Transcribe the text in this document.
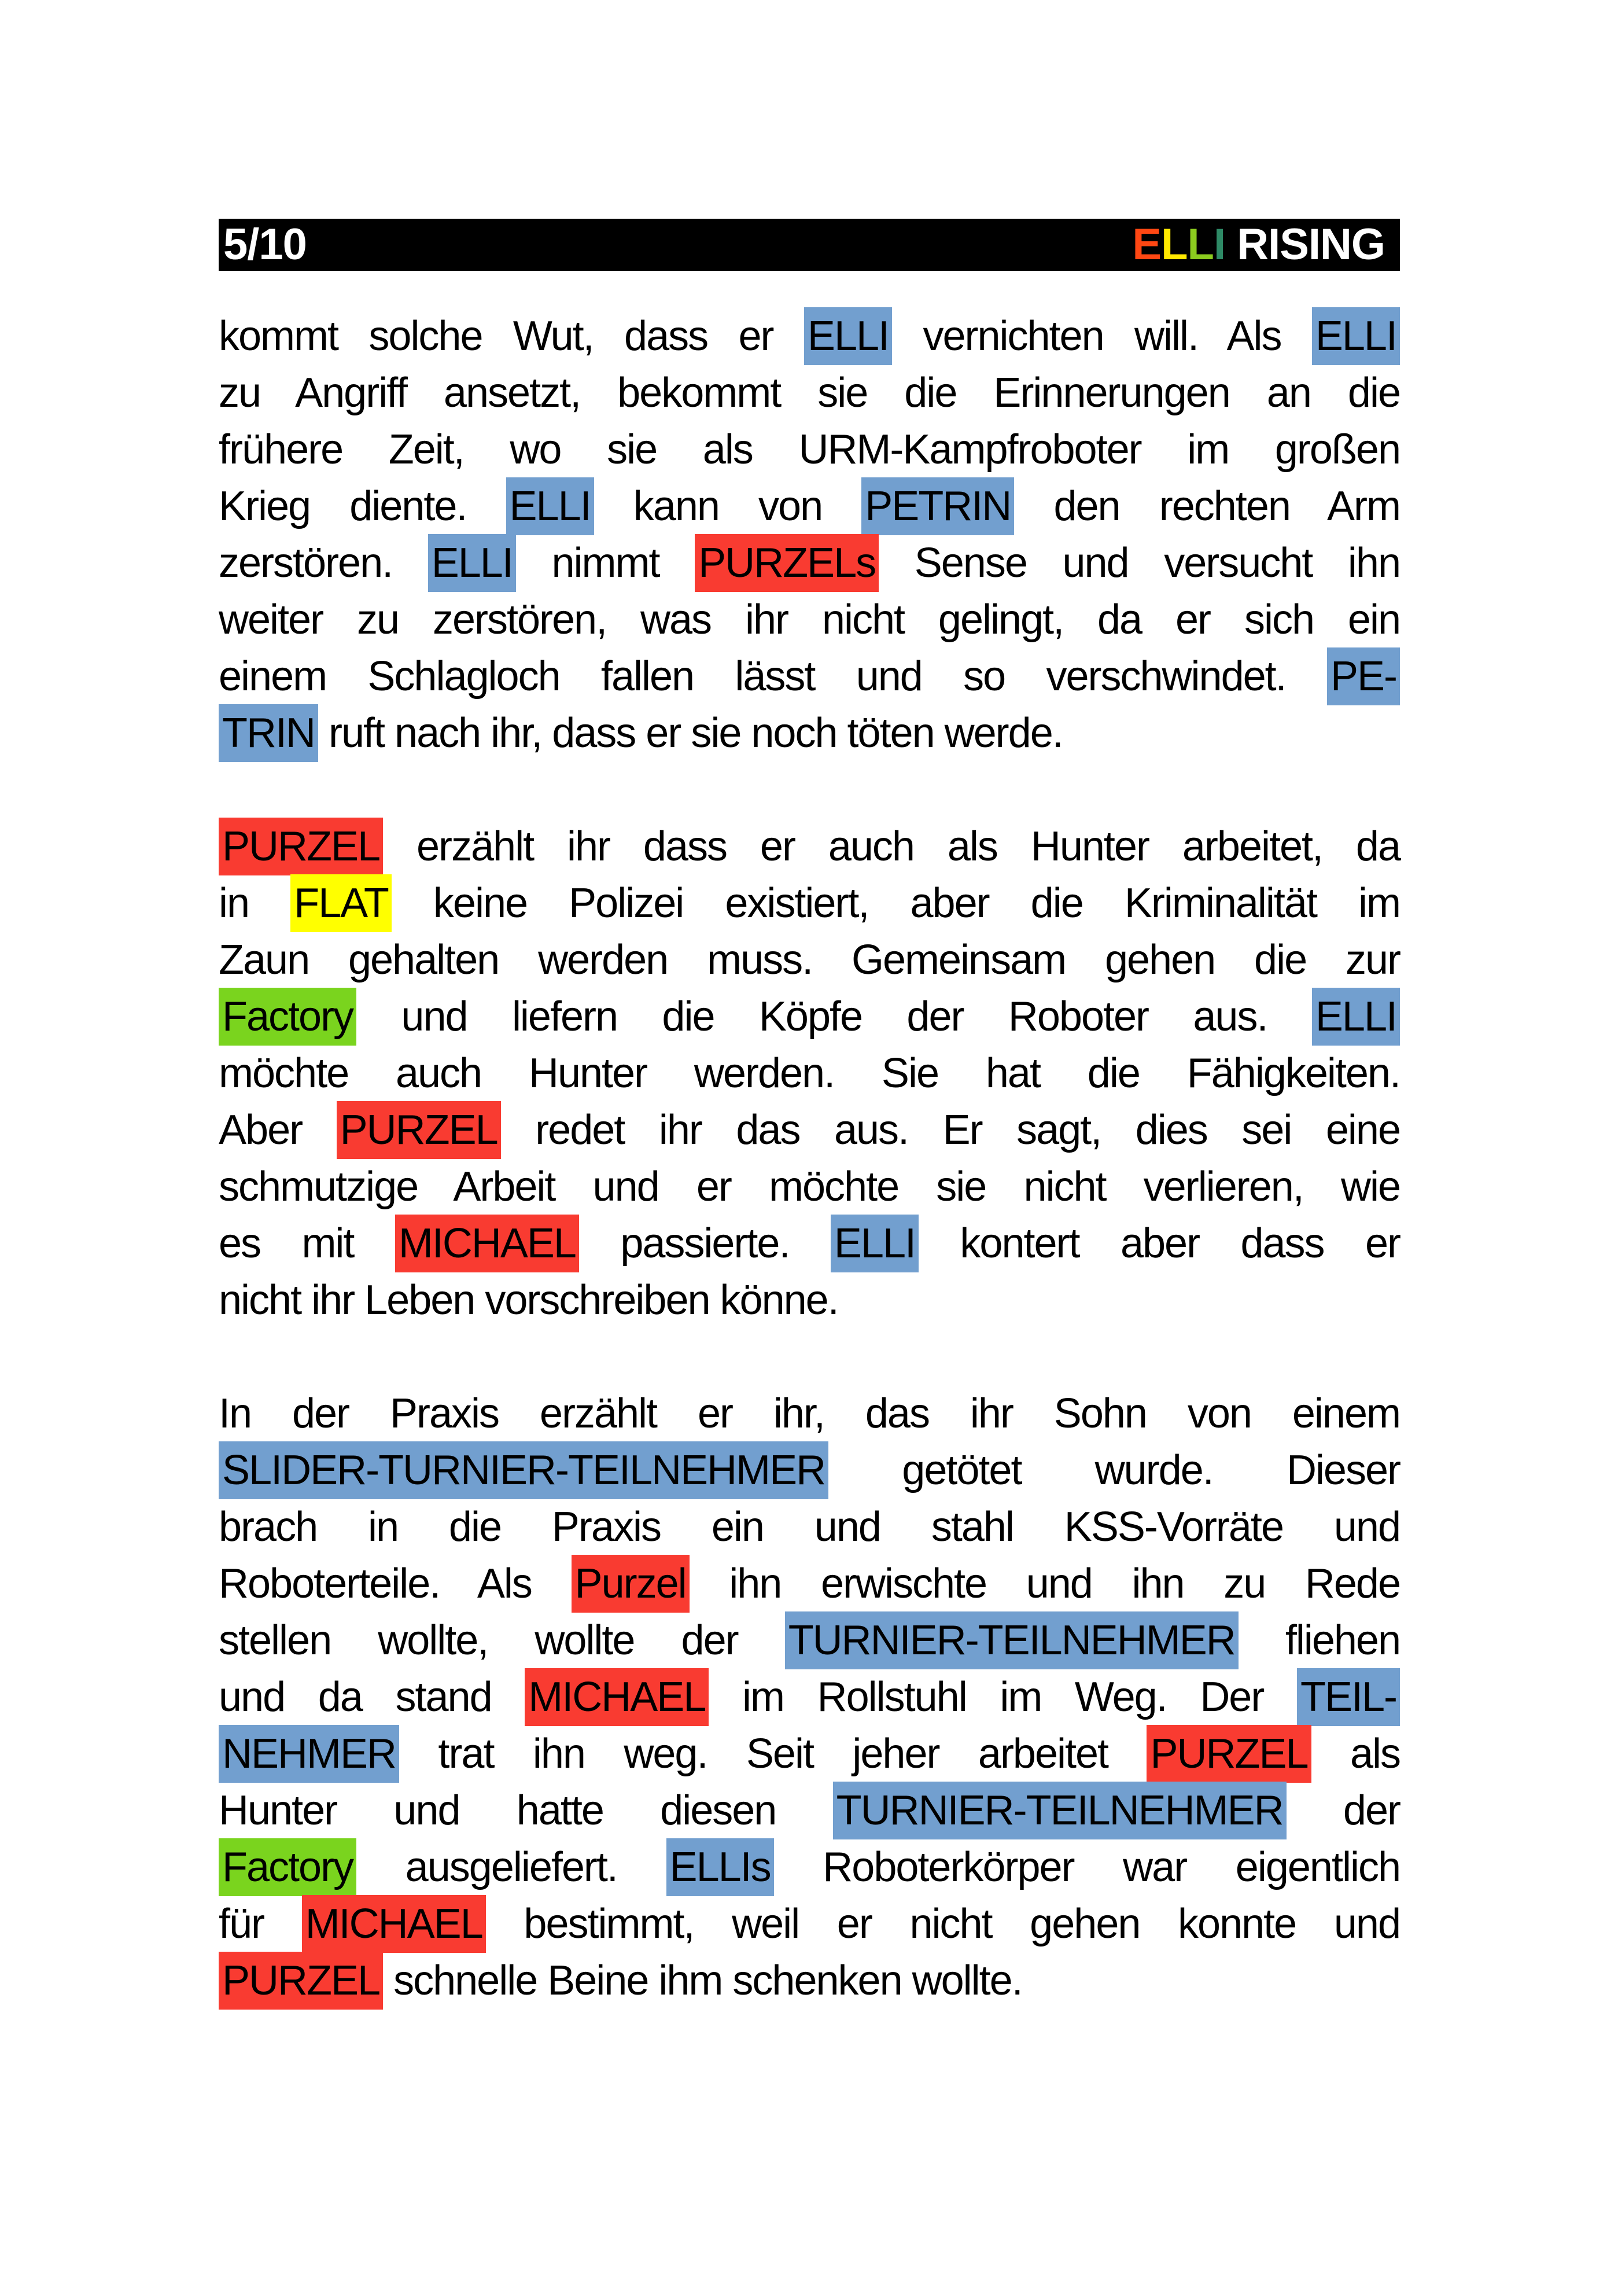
5/10	ELLI RISING
kommt solche Wut, dass er ELLI vernichten will. Als ELLI
zu Angriff ansetzt, bekommt sie die Erinnerungen an die
frühere Zeit, wo sie als URM-Kampfroboter im großen
Krieg diente. ELLI kann von PETRIN den rechten Arm
zerstören. ELLI nimmt PURZELs Sense und versucht ihn
weiter zu zerstören, was ihr nicht gelingt, da er sich ein
einem Schlagloch fallen lässt und so verschwindet. PE-
TRIN ruft nach ihr, dass er sie noch töten werde.
PURZEL erzählt ihr dass er auch als Hunter arbeitet, da
in FLAT keine Polizei existiert, aber die Kriminalität im
Zaun gehalten werden muss. Gemeinsam gehen die zur
Factory und liefern die Köpfe der Roboter aus. ELLI
möchte auch Hunter werden. Sie hat die Fähigkeiten.
Aber PURZEL redet ihr das aus. Er sagt, dies sei eine
schmutzige Arbeit und er möchte sie nicht verlieren, wie
es mit MICHAEL passierte. ELLI kontert aber dass er
nicht ihr Leben vorschreiben könne.
In der Praxis erzählt er ihr, das ihr Sohn von einem
SLIDER-TURNIER-TEILNEHMER getötet wurde. Dieser
brach in die Praxis ein und stahl KSS-Vorräte und
Roboterteile. Als Purzel ihn erwischte und ihn zu Rede
stellen wollte, wollte der TURNIER-TEILNEHMER fliehen
und da stand MICHAEL im Rollstuhl im Weg. Der TEIL-
NEHMER trat ihn weg. Seit jeher arbeitet PURZEL als
Hunter und hatte diesen TURNIER-TEILNEHMER der
Factory ausgeliefert. ELLIs Roboterkörper war eigentlich
für MICHAEL bestimmt, weil er nicht gehen konnte und
PURZEL schnelle Beine ihm schenken wollte.
